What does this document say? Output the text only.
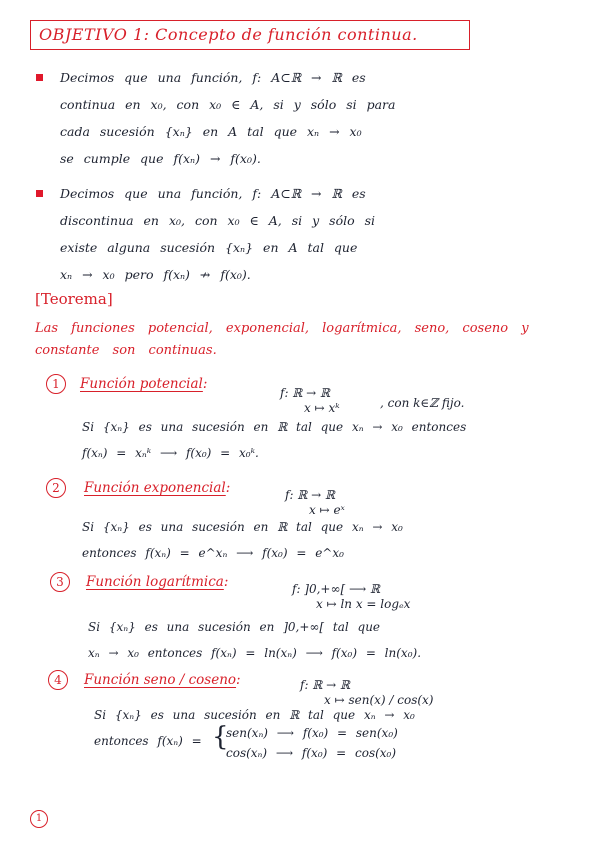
OBJETIVO 1: Concepto de función continua.
Decimos que una función, f: A⊂ℝ → ℝ es
continua en x₀, con x₀ ∈ A, si y sólo si para
cada sucesión {xₙ} en A tal que xₙ → x₀
se cumple que f(xₙ) → f(x₀).
Decimos que una función, f: A⊂ℝ → ℝ es
discontinua en x₀, con x₀ ∈ A, si y sólo si
existe alguna sucesión {xₙ} en A tal que
xₙ → x₀ pero f(xₙ) ↛ f(x₀).
[Teorema]
Las funciones potencial, exponencial, logarítmica, seno, coseno y constante son continuas.
1	Función potencial:
f: ℝ → ℝ
x ↦ xᵏ	, con k∈ℤ fijo.
Si {xₙ} es una sucesión en ℝ tal que xₙ → x₀ entonces
f(xₙ) = xₙᵏ ⟶ f(x₀) = x₀ᵏ.
2	Función exponencial:	f: ℝ → ℝ
x ↦ eˣ
Si {xₙ} es una sucesión en ℝ tal que xₙ → x₀
entonces f(xₙ) = e^xₙ ⟶ f(x₀) = e^x₀
3	Función logarítmica:	f: ]0,+∞[ ⟶ ℝ
x ↦ ln x = logₑx
Si {xₙ} es una sucesión en ]0,+∞[ tal que
xₙ → x₀ entonces f(xₙ) = ln(xₙ) ⟶ f(x₀) = ln(x₀).
4	Función seno / coseno:	f: ℝ → ℝ
x ↦ sen(x) / cos(x)
Si {xₙ} es una sucesión en ℝ tal que xₙ → x₀
entonces f(xₙ) = {
sen(xₙ) ⟶ f(x₀) = sen(x₀)
cos(xₙ) ⟶ f(x₀) = cos(x₀)
1
